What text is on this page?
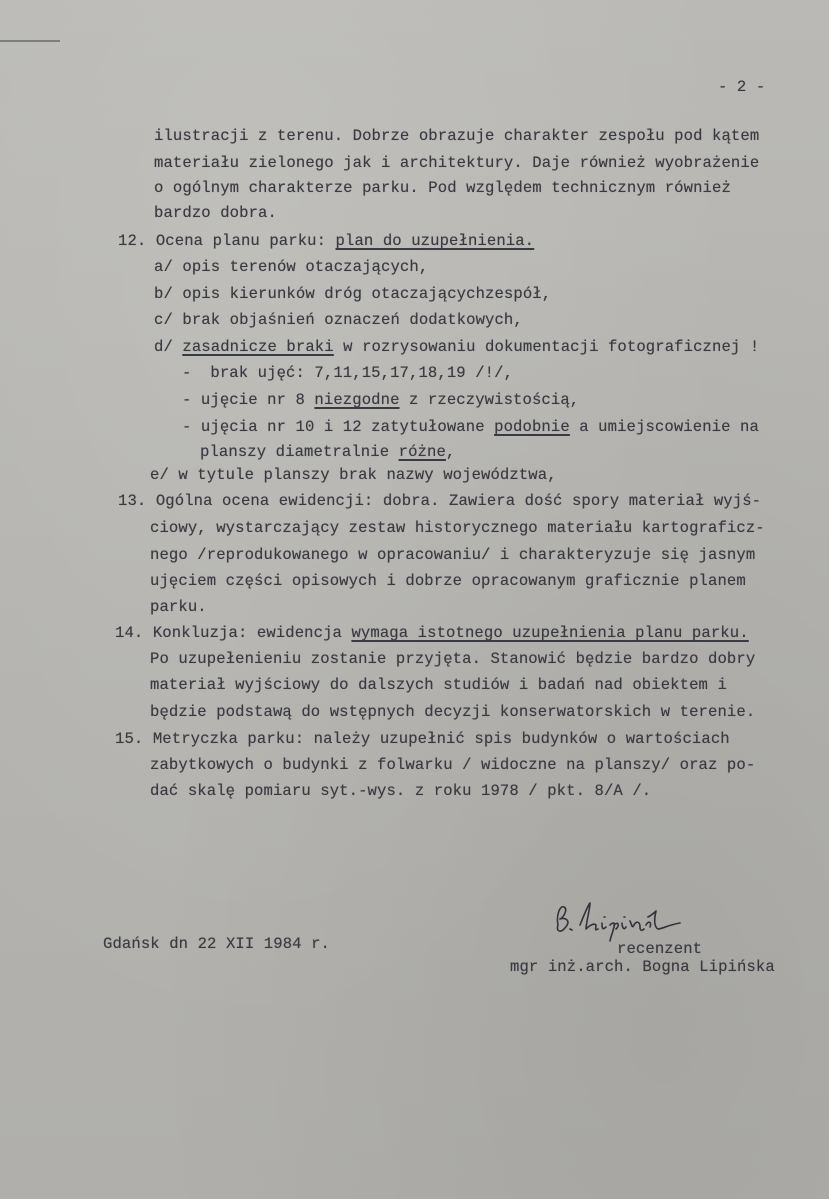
- 2 -
ilustracji z terenu. Dobrze obrazuje charakter zespołu pod kątem
materiału zielonego jak i architektury. Daje również wyobrażenie
o ogólnym charakterze parku. Pod względem technicznym również
bardzo dobra.
12. Ocena planu parku: plan do uzupełnienia.
a/ opis terenów otaczających,
b/ opis kierunków dróg otaczającychzespół,
c/ brak objaśnień oznaczeń dodatkowych,
d/ zasadnicze braki w rozrysowaniu dokumentacji fotograficznej !
-  brak ujęć: 7,11,15,17,18,19 /!/,
- ujęcie nr 8 niezgodne z rzeczywistością,
- ujęcia nr 10 i 12 zatytułowane podobnie a umiejscowienie na
planszy diametralnie różne,
e/ w tytule planszy brak nazwy województwa,
13. Ogólna ocena ewidencji: dobra. Zawiera dość spory materiał wyjś-
ciowy, wystarczający zestaw historycznego materiału kartograficz-
nego /reprodukowanego w opracowaniu/ i charakteryzuje się jasnym
ujęciem części opisowych i dobrze opracowanym graficznie planem
parku.
14. Konkluzja: ewidencja wymaga istotnego uzupełnienia planu parku.
Po uzupełenieniu zostanie przyjęta. Stanowić będzie bardzo dobry
materiał wyjściowy do dalszych studiów i badań nad obiektem i
będzie podstawą do wstępnych decyzji konserwatorskich w terenie.
15. Metryczka parku: należy uzupełnić spis budynków o wartościach
zabytkowych o budynki z folwarku / widoczne na planszy/ oraz po-
dać skalę pomiaru syt.-wys. z roku 1978 / pkt. 8/A /.
Gdańsk dn 22 XII 1984 r.	recenzent
mgr inż.arch. Bogna Lipińska
